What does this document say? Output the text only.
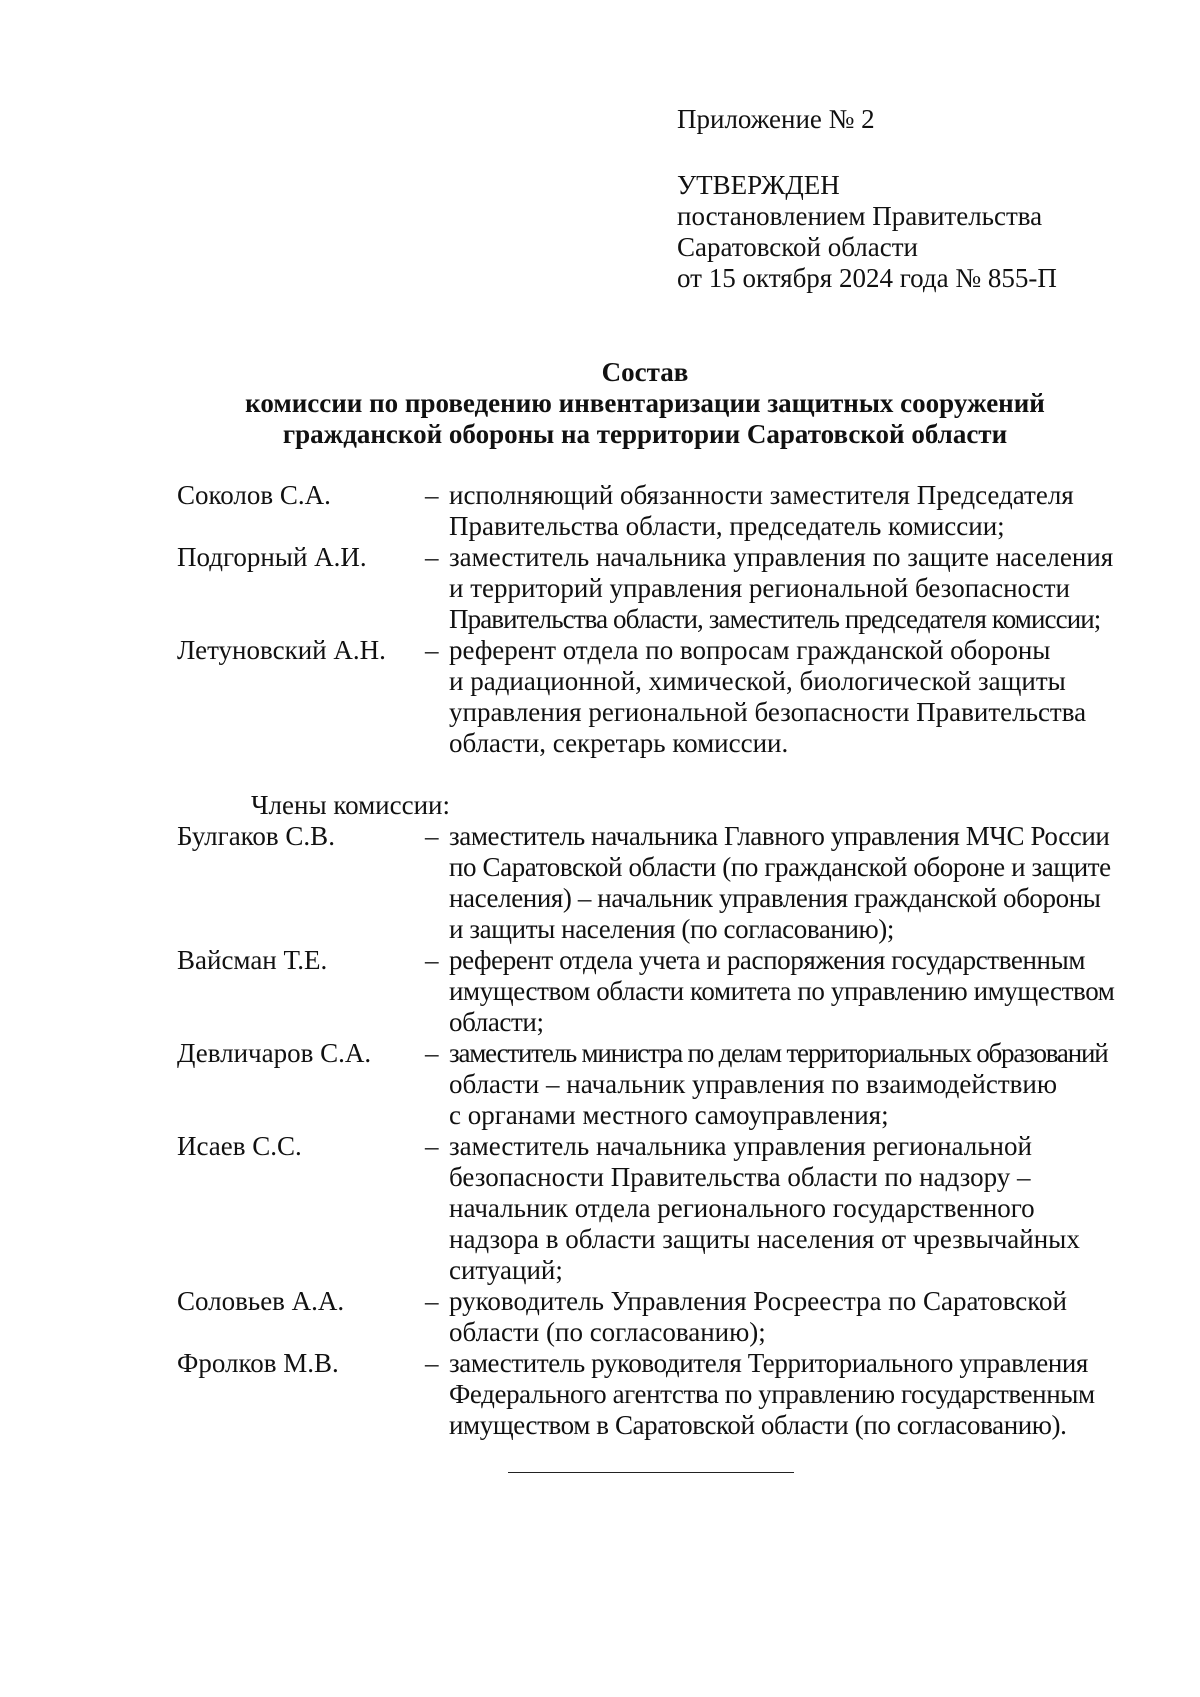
Приложение № 2
УТВЕРЖДЕН
постановлением Правительства
Саратовской области
от 15 октября 2024 года № 855-П
Состав
комиссии по проведению инвентаризации защитных сооружений
гражданской обороны на территории Саратовской области
Соколов С.А.	– исполняющий обязанности заместителя Председателя
Правительства области, председатель комиссии;
Подгорный А.И.	– заместитель начальника управления по защите населения
и территорий управления региональной безопасности
Правительства области, заместитель председателя комиссии;
Летуновский А.Н.	– референт отдела по вопросам гражданской обороны
и радиационной, химической, биологической защиты
управления региональной безопасности Правительства
области, секретарь комиссии.
Члены комиссии:
Булгаков С.В.	– заместитель начальника Главного управления МЧС России
по Саратовской области (по гражданской обороне и защите
населения) – начальник управления гражданской обороны
и защиты населения (по согласованию);
Вайсман Т.Е.	– референт отдела учета и распоряжения государственным
имуществом области комитета по управлению имуществом
области;
Девличаров С.А.	– заместитель министра по делам территориальных образований
области – начальник управления по взаимодействию
с органами местного самоуправления;
Исаев С.С.	– заместитель начальника управления региональной
безопасности Правительства области по надзору –
начальник отдела регионального государственного
надзора в области защиты населения от чрезвычайных
ситуаций;
Соловьев А.А.	– руководитель Управления Росреестра по Саратовской
области (по согласованию);
Фролков М.В.	– заместитель руководителя Территориального управления
Федерального агентства по управлению государственным
имуществом в Саратовской области (по согласованию).
